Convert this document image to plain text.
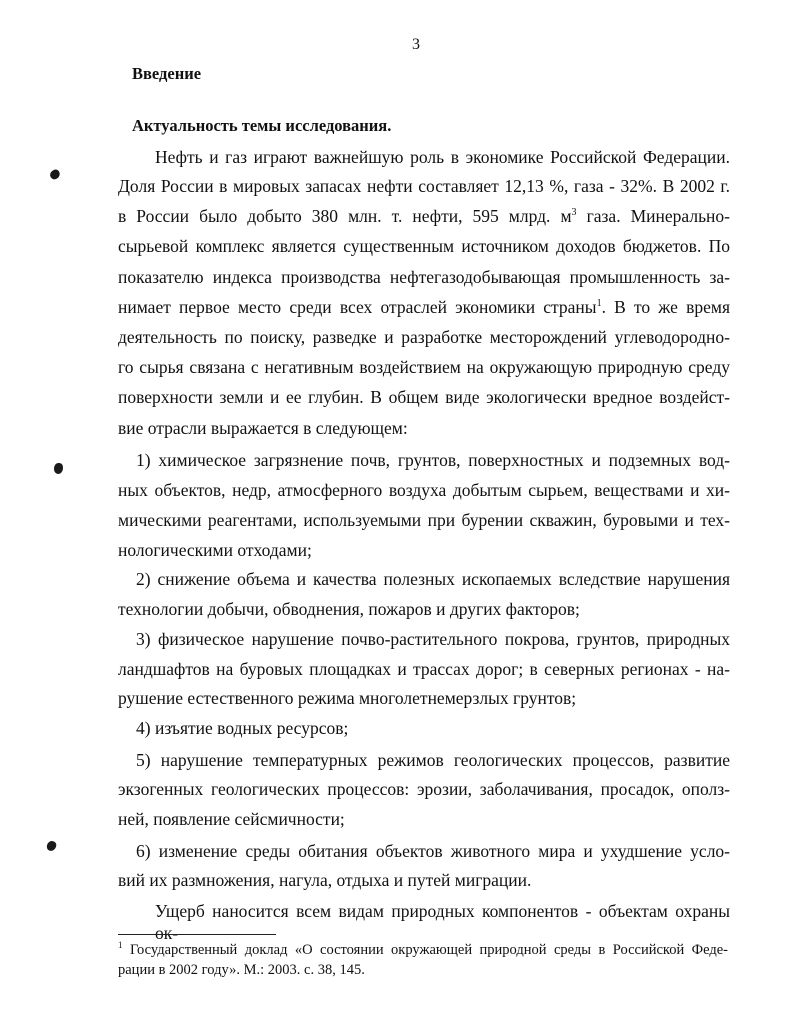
3
Введение
Актуальность темы исследования.
Нефть и газ играют важнейшую роль в экономике Российской Федерации.
Доля России в мировых запасах нефти составляет 12,13 %, газа - 32%. В 2002 г.
в России было добыто 380 млн. т. нефти, 595 млрд. $м^3$ газа. Минерально-
сырьевой комплекс является существенным источником доходов бюджетов. По
показателю индекса производства нефтегазодобывающая промышленность за-
нимает первое место среди всех отраслей экономики страны$^1$. В то же время
деятельность по поиску, разведке и разработке месторождений углеводородно-
го сырья связана с негативным воздействием на окружающую природную среду
поверхности земли и ее глубин. В общем виде экологически вредное воздейст-
вие отрасли выражается в следующем:
1) химическое загрязнение почв, грунтов, поверхностных и подземных вод-
ных объектов, недр, атмосферного воздуха добытым сырьем, веществами и хи-
мическими реагентами, используемыми при бурении скважин, буровыми и тех-
нологическими отходами;
2) снижение объема и качества полезных ископаемых вследствие нарушения
технологии добычи, обводнения, пожаров и других факторов;
3) физическое нарушение почво-растительного покрова, грунтов, природных
ландшафтов на буровых площадках и трассах дорог; в северных регионах - на-
рушение естественного режима многолетнемерзлых грунтов;
4) изъятие водных ресурсов;
5) нарушение температурных режимов геологических процессов, развитие
экзогенных геологических процессов: эрозии, заболачивания, просадок, ополз-
ней, появление сейсмичности;
6) изменение среды обитания объектов животного мира и ухудшение усло-
вий их размножения, нагула, отдыха и путей миграции.
Ущерб наносится всем видам природных компонентов - объектам охраны ок-
$^1$ Государственный доклад «О состоянии окружающей природной среды в Российской Феде-
рации в 2002 году». М.: 2003. с. 38, 145.
